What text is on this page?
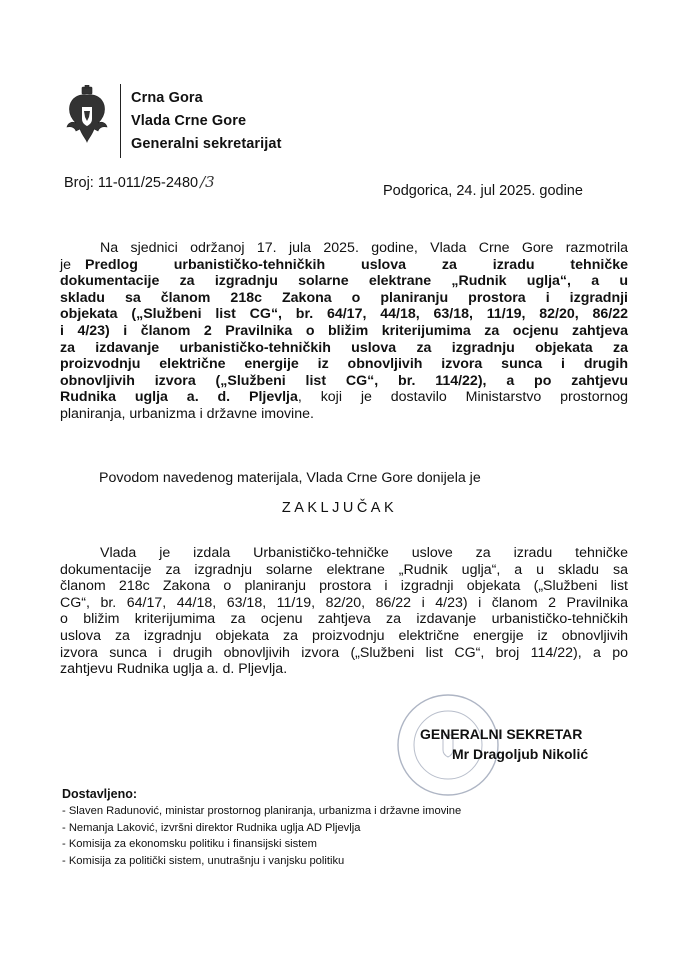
Crna Gora
Vlada Crne Gore
Generalni sekretarijat
Broj: 11-011/25-2480 /3	Podgorica, 24. jul 2025. godine
Na sjednici održanoj 17. jula 2025. godine, Vlada Crne Gore razmotrila
je Predlog urbanističko-tehničkih uslova za izradu tehničke
dokumentacije za izgradnju solarne elektrane „Rudnik uglja“, a u
skladu sa članom 218c Zakona o planiranju prostora i izgradnji
objekata („Službeni list CG“, br. 64/17, 44/18, 63/18, 11/19, 82/20, 86/22
i 4/23) i članom 2 Pravilnika o bližim kriterijumima za ocjenu zahtjeva
za izdavanje urbanističko-tehničkih uslova za izgradnju objekata za
proizvodnju električne energije iz obnovljivih izvora sunca i drugih
obnovljivih izvora („Službeni list CG“, br. 114/22), a po zahtjevu
Rudnika uglja a. d. Pljevlja, koji je dostavilo Ministarstvo prostornog
planiranja, urbanizma i državne imovine.
Povodom navedenog materijala, Vlada Crne Gore donijela je
ZAKLJUČAK
Vlada je izdala Urbanističko-tehničke uslove za izradu tehničke
dokumentacije za izgradnju solarne elektrane „Rudnik uglja“, a u skladu sa
članom 218c Zakona o planiranju prostora i izgradnji objekata („Službeni list
CG“, br. 64/17, 44/18, 63/18, 11/19, 82/20, 86/22 i 4/23) i članom 2 Pravilnika
o bližim kriterijumima za ocjenu zahtjeva za izdavanje urbanističko-tehničkih
uslova za izgradnju objekata za proizvodnju električne energije iz obnovljivih
izvora sunca i drugih obnovljivih izvora („Službeni list CG“, broj 114/22), a po
zahtjevu Rudnika uglja a. d. Pljevlja.
GENERALNI SEKRETAR
Mr Dragoljub Nikolić
Dostavljeno:
- Slaven Radunović, ministar prostornog planiranja, urbanizma i državne imovine
- Nemanja Laković, izvršni direktor Rudnika uglja AD Pljevlja
- Komisija za ekonomsku politiku i finansijski sistem
- Komisija za politički sistem, unutrašnju i vanjsku politiku
